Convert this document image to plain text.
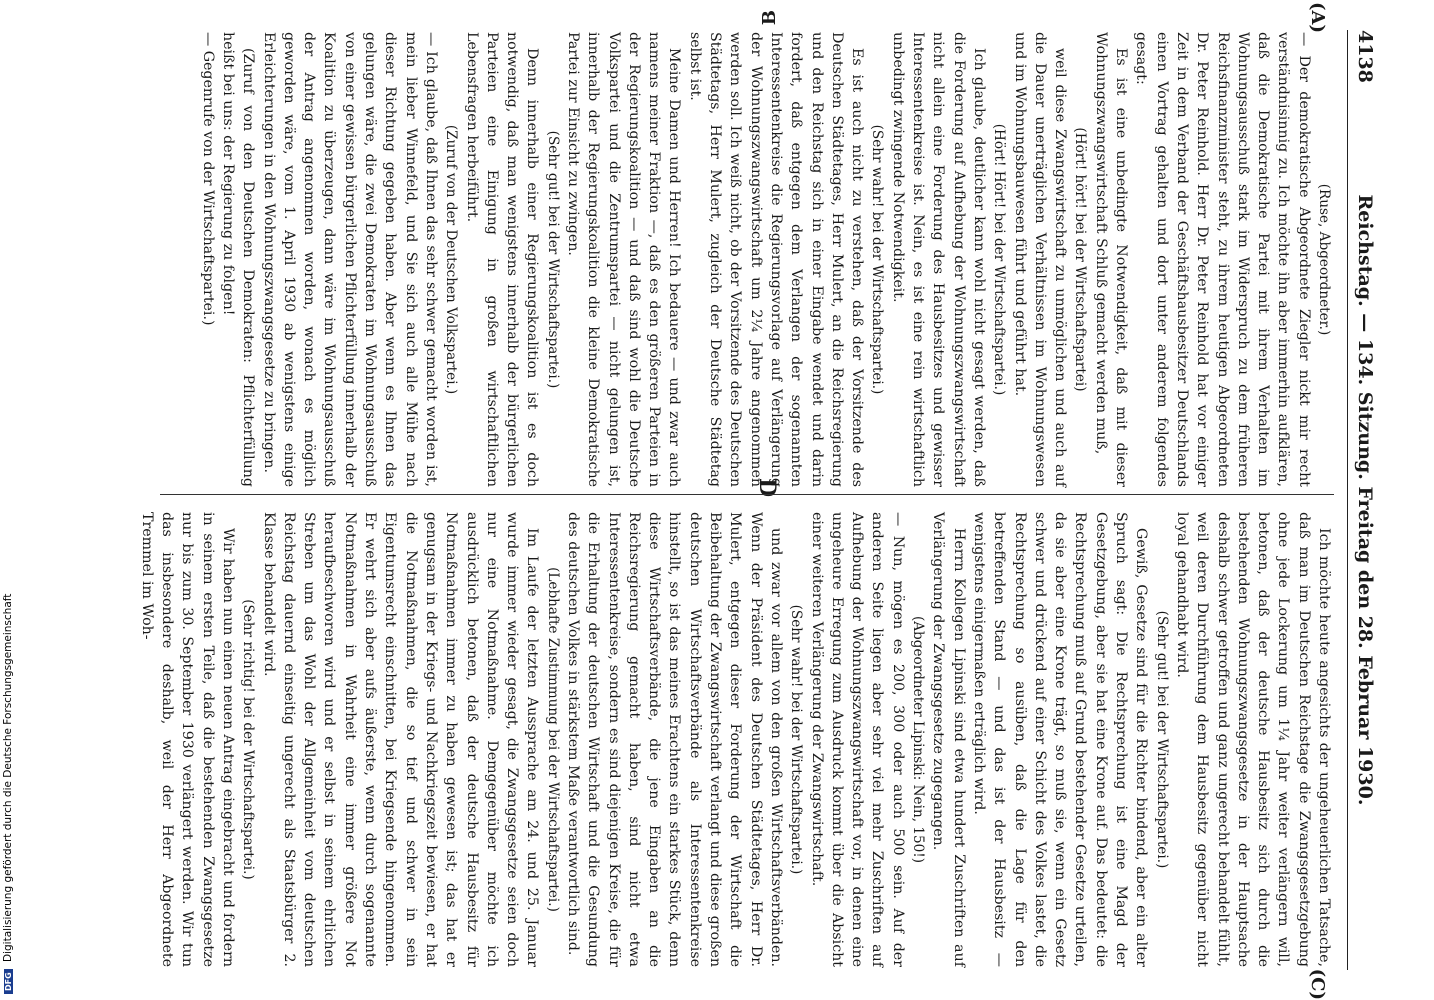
4138
Reichstag. — 134. Sitzung. Freitag den 28. Februar 1930.
(A)
B
(C)
D

(Ruse, Abgeordneter.)

— Der demokratische Abgeordnete Ziegler nickt mir recht verständnisinnig zu. Ich möchte ihn aber immerhin aufklären, daß die Demokratische Partei mit ihrem Verhalten im Wohnungsausschuß stark im Widerspruch zu dem früheren Reichsfinanzminister steht, zu ihrem heutigen Abgeordneten Dr. Peter Reinhold. Herr Dr. Peter Reinhold hat vor einiger Zeit in dem Verband der Geschäftshausbesitzer Deutschlands einen Vortrag gehalten und dort unter anderem folgendes gesagt:

Es ist eine unbedingte Notwendigkeit, daß mit dieser Wohnungszwangswirtschaft Schluß gemacht werden muß,

(Hört! hört! bei der Wirtschaftspartei)

weil diese Zwangswirtschaft zu unmöglichen und auch auf die Dauer unerträglichen Verhältnissen im Wohnungswesen und im Wohnungsbauwesen führt und geführt hat.

(Hört! Hört! bei der Wirtschaftspartei.)

Ich glaube, deutlicher kann wohl nicht gesagt werden, daß die Forderung auf Aufhebung der Wohnungszwangswirtschaft nicht allein eine Forderung des Hausbesitzes und gewisser Interessentenkreise ist. Nein, es ist eine rein wirtschaftlich unbedingt zwingende Notwendigkeit.

(Sehr wahr! bei der Wirtschaftspartei.)

Es ist auch nicht zu verstehen, daß der Vorsitzende des Deutschen Städtetages, Herr Mulert, an die Reichsregierung und den Reichstag sich in einer Eingabe wendet und darin fordert, daß entgegen dem Verlangen der sogenannten Interessentenkreise die Regierungsvorlage auf Verlängerung der Wohnungszwangswirtschaft um 2¼ Jahre angenommen werden soll. Ich weiß nicht, ob der Vorsitzende des Deutschen Städtetags, Herr Mulert, zugleich der Deutsche Städtetag selbst ist.

Meine Damen und Herren! Ich bedauere — und zwar auch namens meiner Fraktion —, daß es den größeren Parteien in der Regierungskoalition — und daß sind wohl die Deutsche Volkspartei und die Zentrumspartei — nicht gelungen ist, innerhalb der Regierungskoalition die kleine Demokratische Partei zur Einsicht zu zwingen.

(Sehr gut! bei der Wirtschaftspartei.)

Denn innerhalb einer Regierungskoalition ist es doch notwendig, daß man wenigstens innerhalb der bürgerlichen Parteien eine Einigung in großen wirtschaftlichen Lebensfragen herbeiführt.

(Zuruf von der Deutschen Volkspartei.)

— Ich glaube, daß Ihnen das sehr schwer gemacht worden ist, mein lieber Winnefeld, und Sie sich auch alle Mühe nach dieser Richtung gegeben haben. Aber wenn es Ihnen das gelungen wäre, die zwei Demokraten im Wohnungsausschuß von einer gewissen bürgerlichen Pflichterfüllung innerhalb der Koalition zu überzeugen, dann wäre im Wohnungsausschuß der Antrag angenommen worden, wonach es möglich geworden wäre, vom 1. April 1930 ab wenigstens einige Erleichterungen in den Wohnungszwangsgesetze zu bringen.

(Zuruf von den Deutschen Demokraten: Pflichterfüllung heißt bei uns: der Regierung zu folgen!

— Gegenrufe von der Wirtschaftspartei.)

Ich möchte heute angesichts der ungeheuerlichen Tatsache, daß man im Deutschen Reichstage die Zwangsgesetzgebung ohne jede Lockerung um 1¼ Jahr weiter verlängern will, betonen, daß der deutsche Hausbesitz sich durch die bestehenden Wohnungszwangsgesetze in der Hauptsache deshalb schwer getroffen und ganz ungerecht behandelt fühlt, weil deren Durchführung dem Hausbesitz gegenüber nicht loyal gehandhabt wird.

(Sehr gut! bei der Wirtschaftspartei.)

Gewiß, Gesetze sind für die Richter bindend, aber ein alter Spruch sagt: Die Rechtsprechung ist eine Magd der Gesetzgebung, aber sie hat eine Krone auf. Das bedeutet: die Rechtsprechung muß auf Grund bestehender Gesetze urteilen, da sie aber eine Krone trägt, so muß sie, wenn ein Gesetz schwer und drückend auf einer Schicht des Volkes lastet, die Rechtsprechung so ausüben, daß die Lage für den betreffenden Stand — und das ist der Hausbesitz — wenigstens einigermaßen erträglich wird.

Herrn Kollegen Lipinski sind etwa hundert Zuschriften auf Verlängerung der Zwangsgesetze zugegangen.

(Abgeordneter Lipinski: Nein, 150!)

— Nun, mögen es 200, 300 oder auch 500 sein. Auf der anderen Seite liegen aber sehr viel mehr Zuschriften auf Aufhebung der Wohnungszwangswirtschaft vor, in denen eine ungeheure Erregung zum Ausdruck kommt über die Absicht einer weiteren Verlängerung der Zwangswirtschaft.

(Sehr wahr! bei der Wirtschaftspartei.)

und zwar vor allem von den großen Wirtschaftsverbänden. Wenn der Präsident des Deutschen Städtetages, Herr Dr. Mulert, entgegen dieser Forderung der Wirtschaft die Beibehaltung der Zwangswirtschaft verlangt und diese großen deutschen Wirtschaftsverbände als Interessentenkreise hinstellt, so ist das meines Erachtens ein starkes Stück, denn diese Wirtschaftsverbände, die jene Eingaben an die Reichsregierung gemacht haben, sind nicht etwa Interessentenkreise, sondern es sind diejenigen Kreise, die für die Erhaltung der deutschen Wirtschaft und die Gesundung des deutschen Volkes in stärkstem Maße verantwortlich sind.

(Lebhafte Zustimmung bei der Wirtschaftspartei.)

Im Laufe der letzten Aussprache am 24. und 25. Januar wurde immer wieder gesagt, die Zwangsgesetze seien doch nur eine Notmaßnahme. Demgegenüber möchte ich ausdrücklich betonen, daß der deutsche Hausbesitz für Notmaßnahmen immer zu haben gewesen ist; das hat er genugsam in der Kriegs- und Nachkriegszeit bewiesen, er hat die Notmaßnahmen, die so tief und schwer in sein Eigentumsrecht einschnitten, bei Kriegsende hingenommen. Er wehrt sich aber aufs äußerste, wenn durch sogenannte Notmaßnahmen in Wahrheit eine immer größere Not heraufbeschworen wird und er selbst in seinem ehrlichen Streben um das Wohl der Allgemeinheit vom deutschen Reichstag dauernd einseitig ungerecht als Staatsbürger 2. Klasse behandelt wird.

(Sehr richtig! bei der Wirtschaftspartei.)

Wir haben nun einen neuen Antrag eingebracht und fordern in seinem ersten Teile, daß die bestehenden Zwangsgesetze nur bis zum 30. September 1930 verlängert werden. Wir tun das insbesondere deshalb, weil der Herr Abgeordnete Tremmel im Woh-

DFG Digitalisierung gefördert durch die Deutsche Forschungsgemeinschaft
